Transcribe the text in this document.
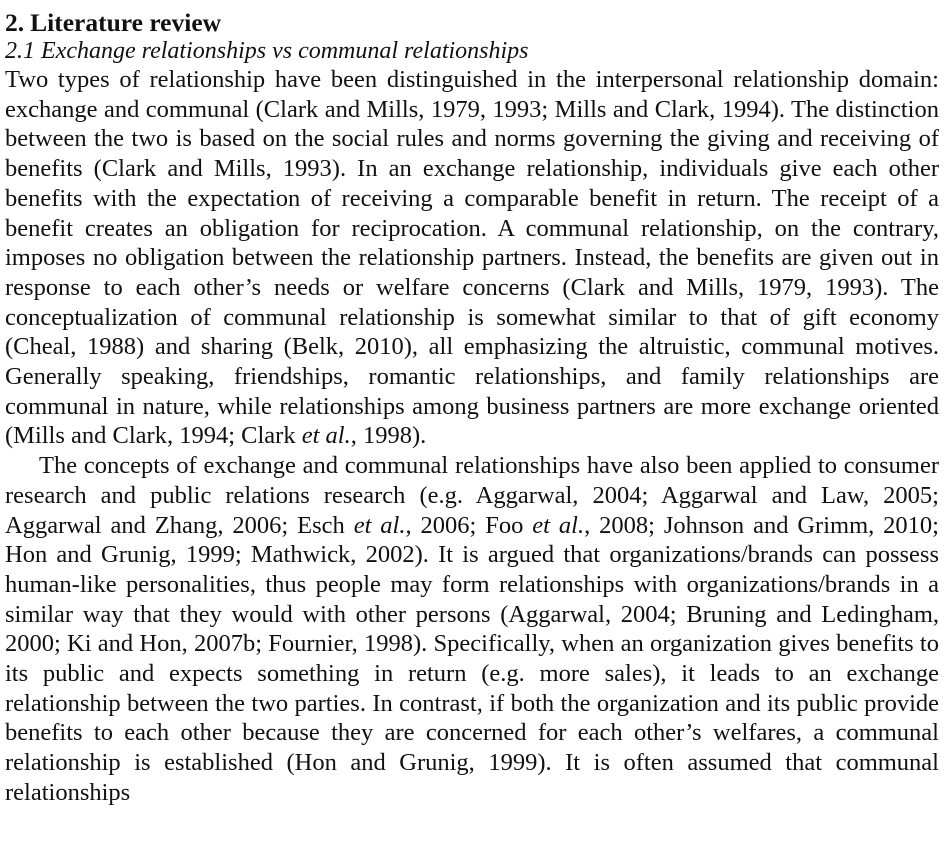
2. Literature review
2.1 Exchange relationships vs communal relationships

Two types of relationship have been distinguished in the interpersonal relationship domain: exchange and communal (Clark and Mills, 1979, 1993; Mills and Clark, 1994). The distinction between the two is based on the social rules and norms governing the giving and receiving of benefits (Clark and Mills, 1993). In an exchange relationship, individuals give each other benefits with the expectation of receiving a comparable benefit in return. The receipt of a benefit creates an obligation for reciprocation. A communal relationship, on the contrary, imposes no obligation between the relationship partners. Instead, the benefits are given out in response to each other’s needs or welfare concerns (Clark and Mills, 1979, 1993). The conceptualization of communal relationship is somewhat similar to that of gift economy (Cheal, 1988) and sharing (Belk, 2010), all emphasizing the altruistic, communal motives. Generally speaking, friendships, romantic relationships, and family relationships are communal in nature, while relationships among business partners are more exchange oriented (Mills and Clark, 1994; Clark et al., 1998).

The concepts of exchange and communal relationships have also been applied to consumer research and public relations research (e.g. Aggarwal, 2004; Aggarwal and Law, 2005; Aggarwal and Zhang, 2006; Esch et al., 2006; Foo et al., 2008; Johnson and Grimm, 2010; Hon and Grunig, 1999; Mathwick, 2002). It is argued that organizations/brands can possess human-like personalities, thus people may form relationships with organizations/brands in a similar way that they would with other persons (Aggarwal, 2004; Bruning and Ledingham, 2000; Ki and Hon, 2007b; Fournier, 1998). Specifically, when an organization gives benefits to its public and expects something in return (e.g. more sales), it leads to an exchange relationship between the two parties. In contrast, if both the organization and its public provide benefits to each other because they are concerned for each other’s welfares, a communal relationship is established (Hon and Grunig, 1999). It is often assumed that communal relationships
